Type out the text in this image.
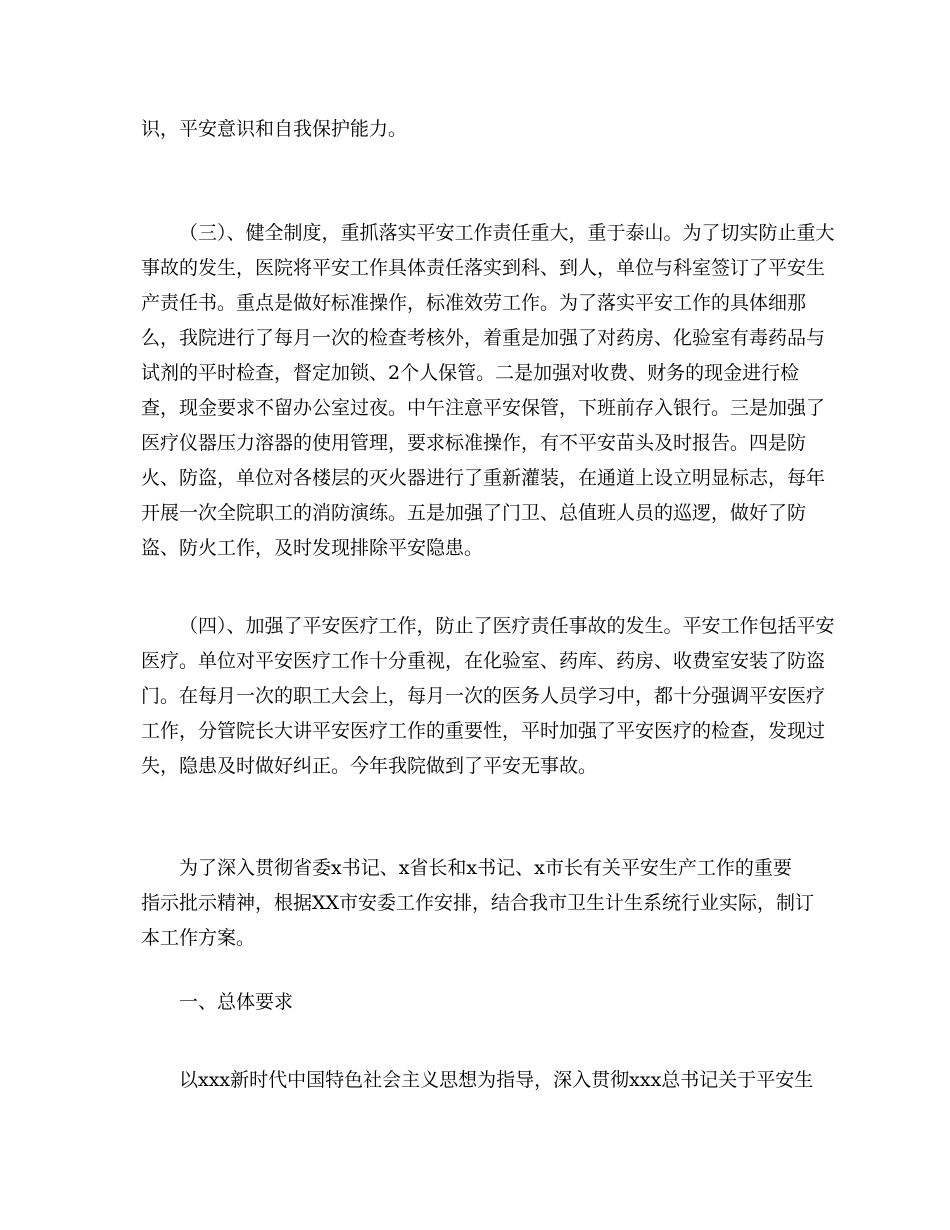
识，平安意识和自我保护能力。
（三）、健全制度，重抓落实平安工作责任重大，重于泰山。为了切实防止重大
事故的发生，医院将平安工作具体责任落实到科、到人，单位与科室签订了平安生
产责任书。重点是做好标准操作，标准效劳工作。为了落实平安工作的具体细那
么，我院进行了每月一次的检查考核外，着重是加强了对药房、化验室有毒药品与
试剂的平时检查，督定加锁、2个人保管。二是加强对收费、财务的现金进行检
查，现金要求不留办公室过夜。中午注意平安保管，下班前存入银行。三是加强了
医疗仪器压力溶器的使用管理，要求标准操作，有不平安苗头及时报告。四是防
火、防盗，单位对各楼层的灭火器进行了重新灌装，在通道上设立明显标志，每年
开展一次全院职工的消防演练。五是加强了门卫、总值班人员的巡逻，做好了防
盗、防火工作，及时发现排除平安隐患。
（四）、加强了平安医疗工作，防止了医疗责任事故的发生。平安工作包括平安
医疗。单位对平安医疗工作十分重视，在化验室、药库、药房、收费室安装了防盗
门。在每月一次的职工大会上，每月一次的医务人员学习中，都十分强调平安医疗
工作，分管院长大讲平安医疗工作的重要性，平时加强了平安医疗的检查，发现过
失，隐患及时做好纠正。今年我院做到了平安无事故。
为了深入贯彻省委x书记、x省长和x书记、x市长有关平安生产工作的重要
指示批示精神，根据XX市安委工作安排，结合我市卫生计生系统行业实际，制订
本工作方案。
一、总体要求
以xxx新时代中国特色社会主义思想为指导，深入贯彻xxx总书记关于平安生
